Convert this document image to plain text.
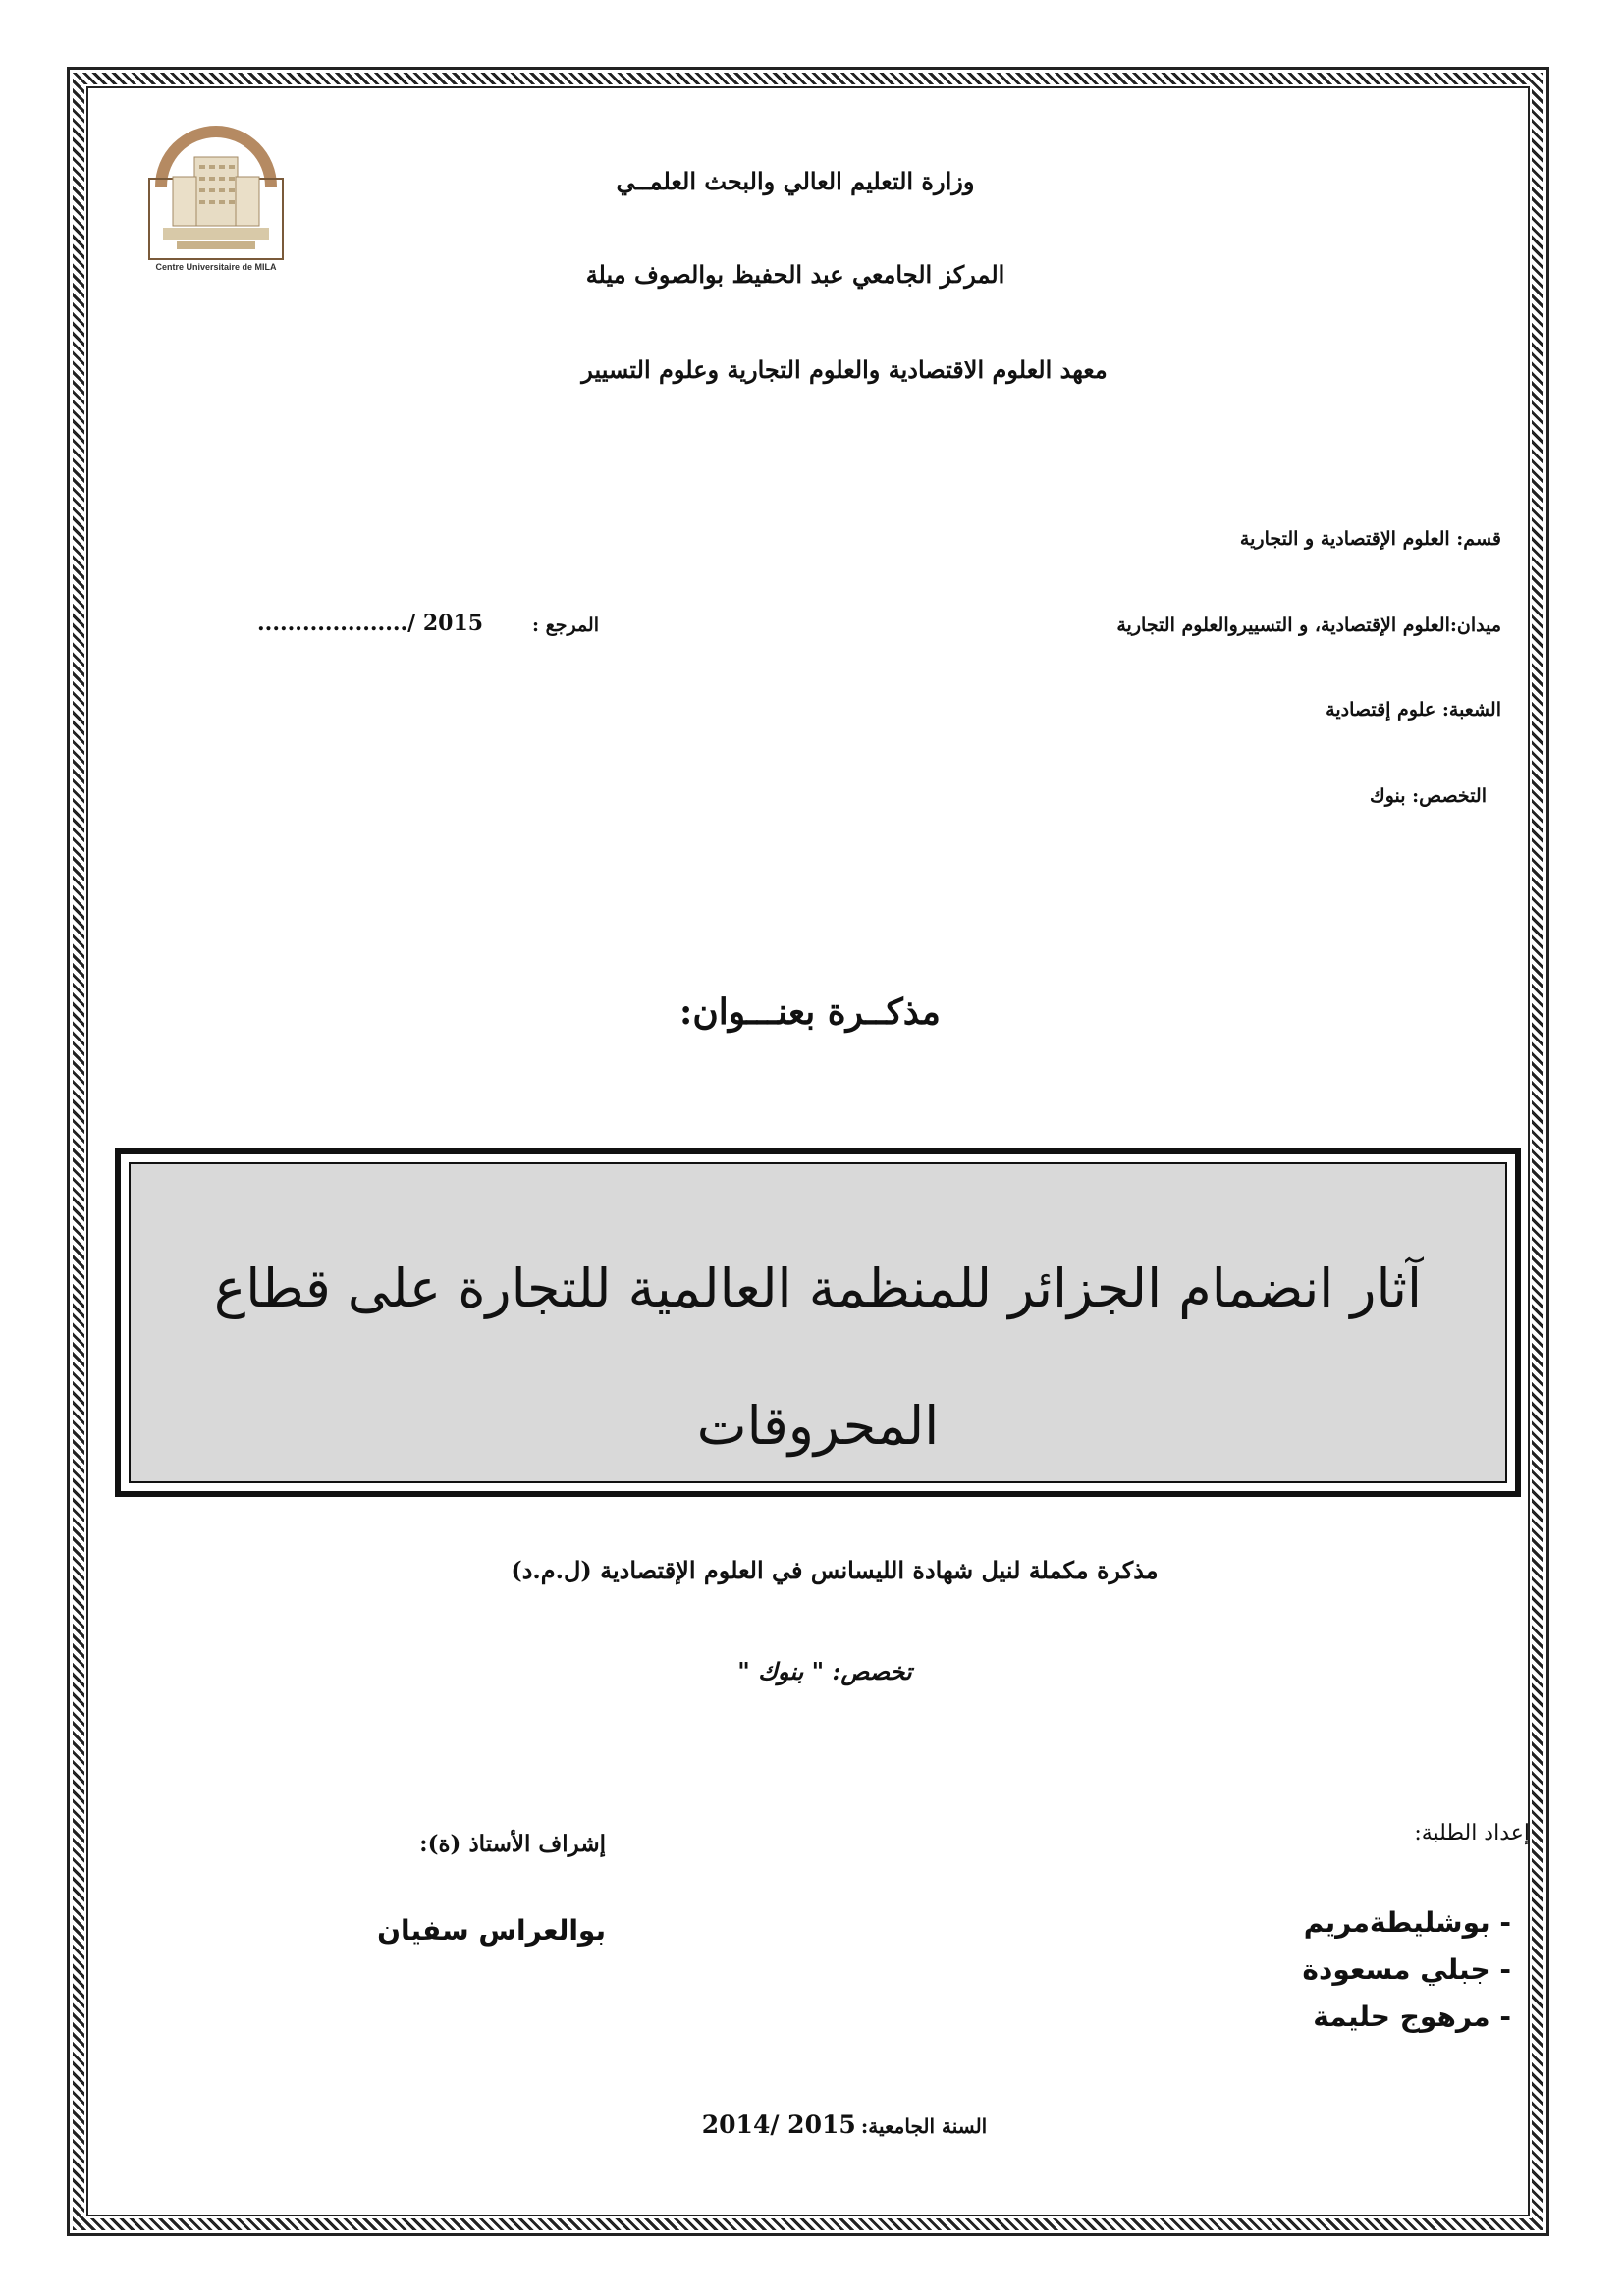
Centre Universitaire de MILA
وزارة التعليم العالي والبحث العلمــي
المركز الجامعي عبد الحفيظ بوالصوف ميلة
معهد العلوم الاقتصادية والعلوم التجارية وعلوم التسيير
قسم: العلوم الإقتصادية و التجارية
ميدان:العلوم الإقتصادية، و التسييروالعلوم التجارية
المرجع :
..................../ 2015
الشعبة: علوم إقتصادية
التخصص: بنوك
مذكــرة بعنـــوان:
آثار انضمام الجزائر للمنظمة العالمية للتجارة على قطاع
المحروقات
مذكرة مكملة لنيل شهادة الليسانس في العلوم الإقتصادية (ل.م.د)
تخصص: " بنوك "
إعداد الطلبة:
- بوشليطةمريم
- جبلي مسعودة
- مرهوج حليمة
إشراف الأستاذ (ة):
بوالعراس سفيان
السنة الجامعية: 2014/ 2015
